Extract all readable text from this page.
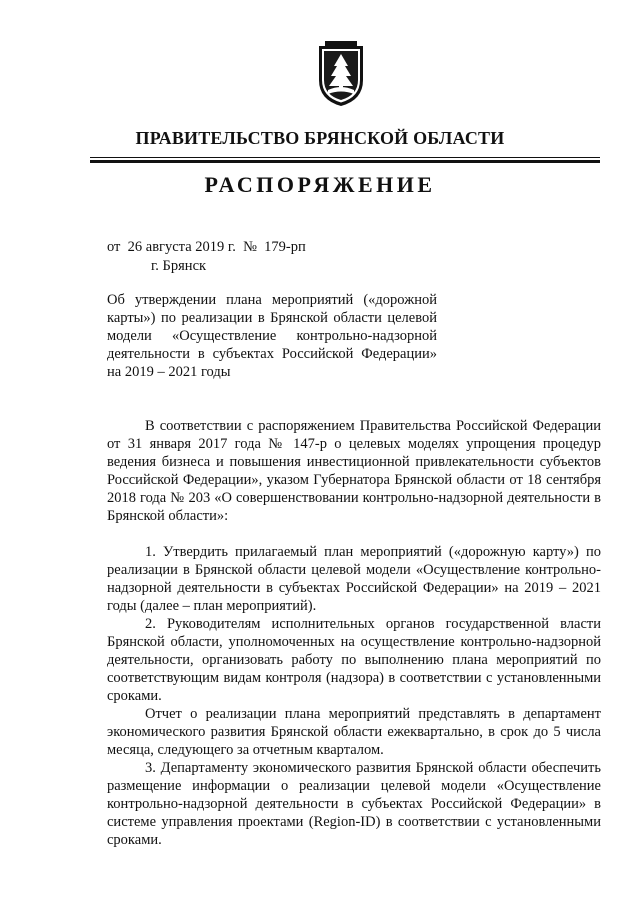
ПРАВИТЕЛЬСТВО БРЯНСКОЙ ОБЛАСТИ
РАСПОРЯЖЕНИЕ
от  26 августа 2019 г.  №  179-рп
г. Брянск
Об утверждении плана мероприятий («дорожной карты») по реализации в Брянской области целевой модели «Осуществление контрольно-надзорной деятельности в субъектах Российской Федерации» на 2019 – 2021 годы

В соответствии с распоряжением Правительства Российской Федерации от 31 января 2017 года № 147-р о целевых моделях упрощения процедур ведения бизнеса и повышения инвестиционной привлекательности субъектов Российской Федерации», указом Губернатора Брянской области от 18 сентября 2018 года № 203 «О совершенствовании контрольно-надзорной деятельности в Брянской области»:

1. Утвердить прилагаемый план мероприятий («дорожную карту») по реализации в Брянской области целевой модели «Осуществление контрольно-надзорной деятельности в субъектах Российской Федерации» на 2019 – 2021 годы (далее – план мероприятий).

2. Руководителям исполнительных органов государственной власти Брянской области, уполномоченных на осуществление контрольно-надзорной деятельности, организовать работу по выполнению плана мероприятий по соответствующим видам контроля (надзора) в соответствии с установленными сроками.

Отчет о реализации плана мероприятий представлять в департамент экономического развития Брянской области ежеквартально, в срок до 5 числа месяца, следующего за отчетным кварталом.

3. Департаменту экономического развития Брянской области обеспечить размещение информации о реализации целевой модели «Осуществление контрольно-надзорной деятельности в субъектах Российской Федерации» в системе управления проектами (Region-ID) в соответствии с установленными сроками.
